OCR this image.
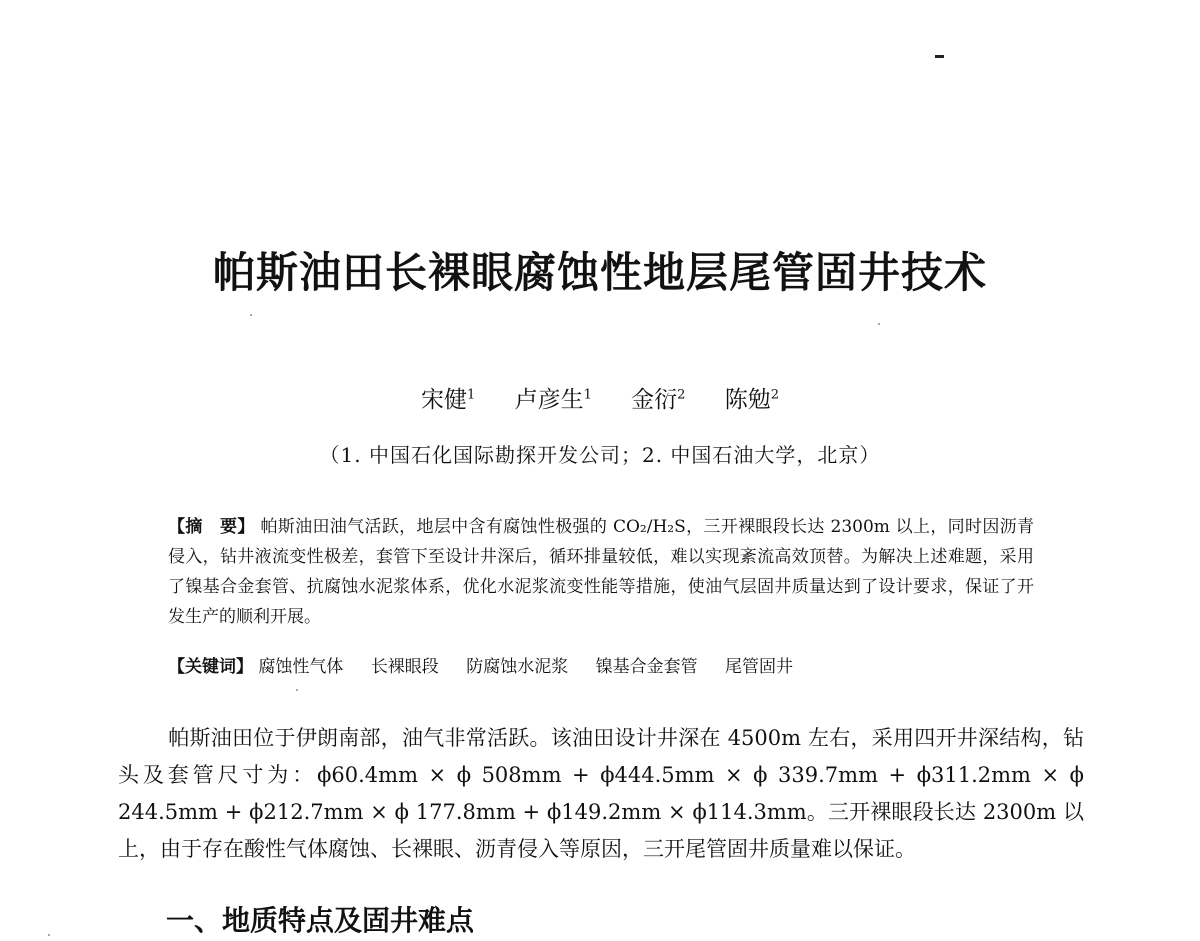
帕斯油田长裸眼腐蚀性地层尾管固井技术
宋健$^1$ 卢彦生$^1$ 金衍$^2$ 陈勉$^2$
（1. 中国石化国际勘探开发公司；2. 中国石油大学，北京）
【摘　要】 帕斯油田油气活跃，地层中含有腐蚀性极强的 CO₂/H₂S，三开裸眼段长达 2300m 以上，同时因沥青侵入，钻井液流变性极差，套管下至设计井深后，循环排量较低，难以实现紊流高效顶替。为解决上述难题，采用了镍基合金套管、抗腐蚀水泥浆体系，优化水泥浆流变性能等措施，使油气层固井质量达到了设计要求，保证了开发生产的顺利开展。
【关键词】 腐蚀性气体 长裸眼段 防腐蚀水泥浆 镍基合金套管 尾管固井
帕斯油田位于伊朗南部，油气非常活跃。该油田设计井深在 4500m 左右，采用四开井深结构，钻头及套管尺寸为：ϕ60.4mm × ϕ 508mm + ϕ444.5mm × ϕ 339.7mm + ϕ311.2mm × ϕ 244.5mm + ϕ212.7mm × ϕ 177.8mm + ϕ149.2mm × ϕ114.3mm。三开裸眼段长达 2300m 以上，由于存在酸性气体腐蚀、长裸眼、沥青侵入等原因，三开尾管固井质量难以保证。
一、地质特点及固井难点
